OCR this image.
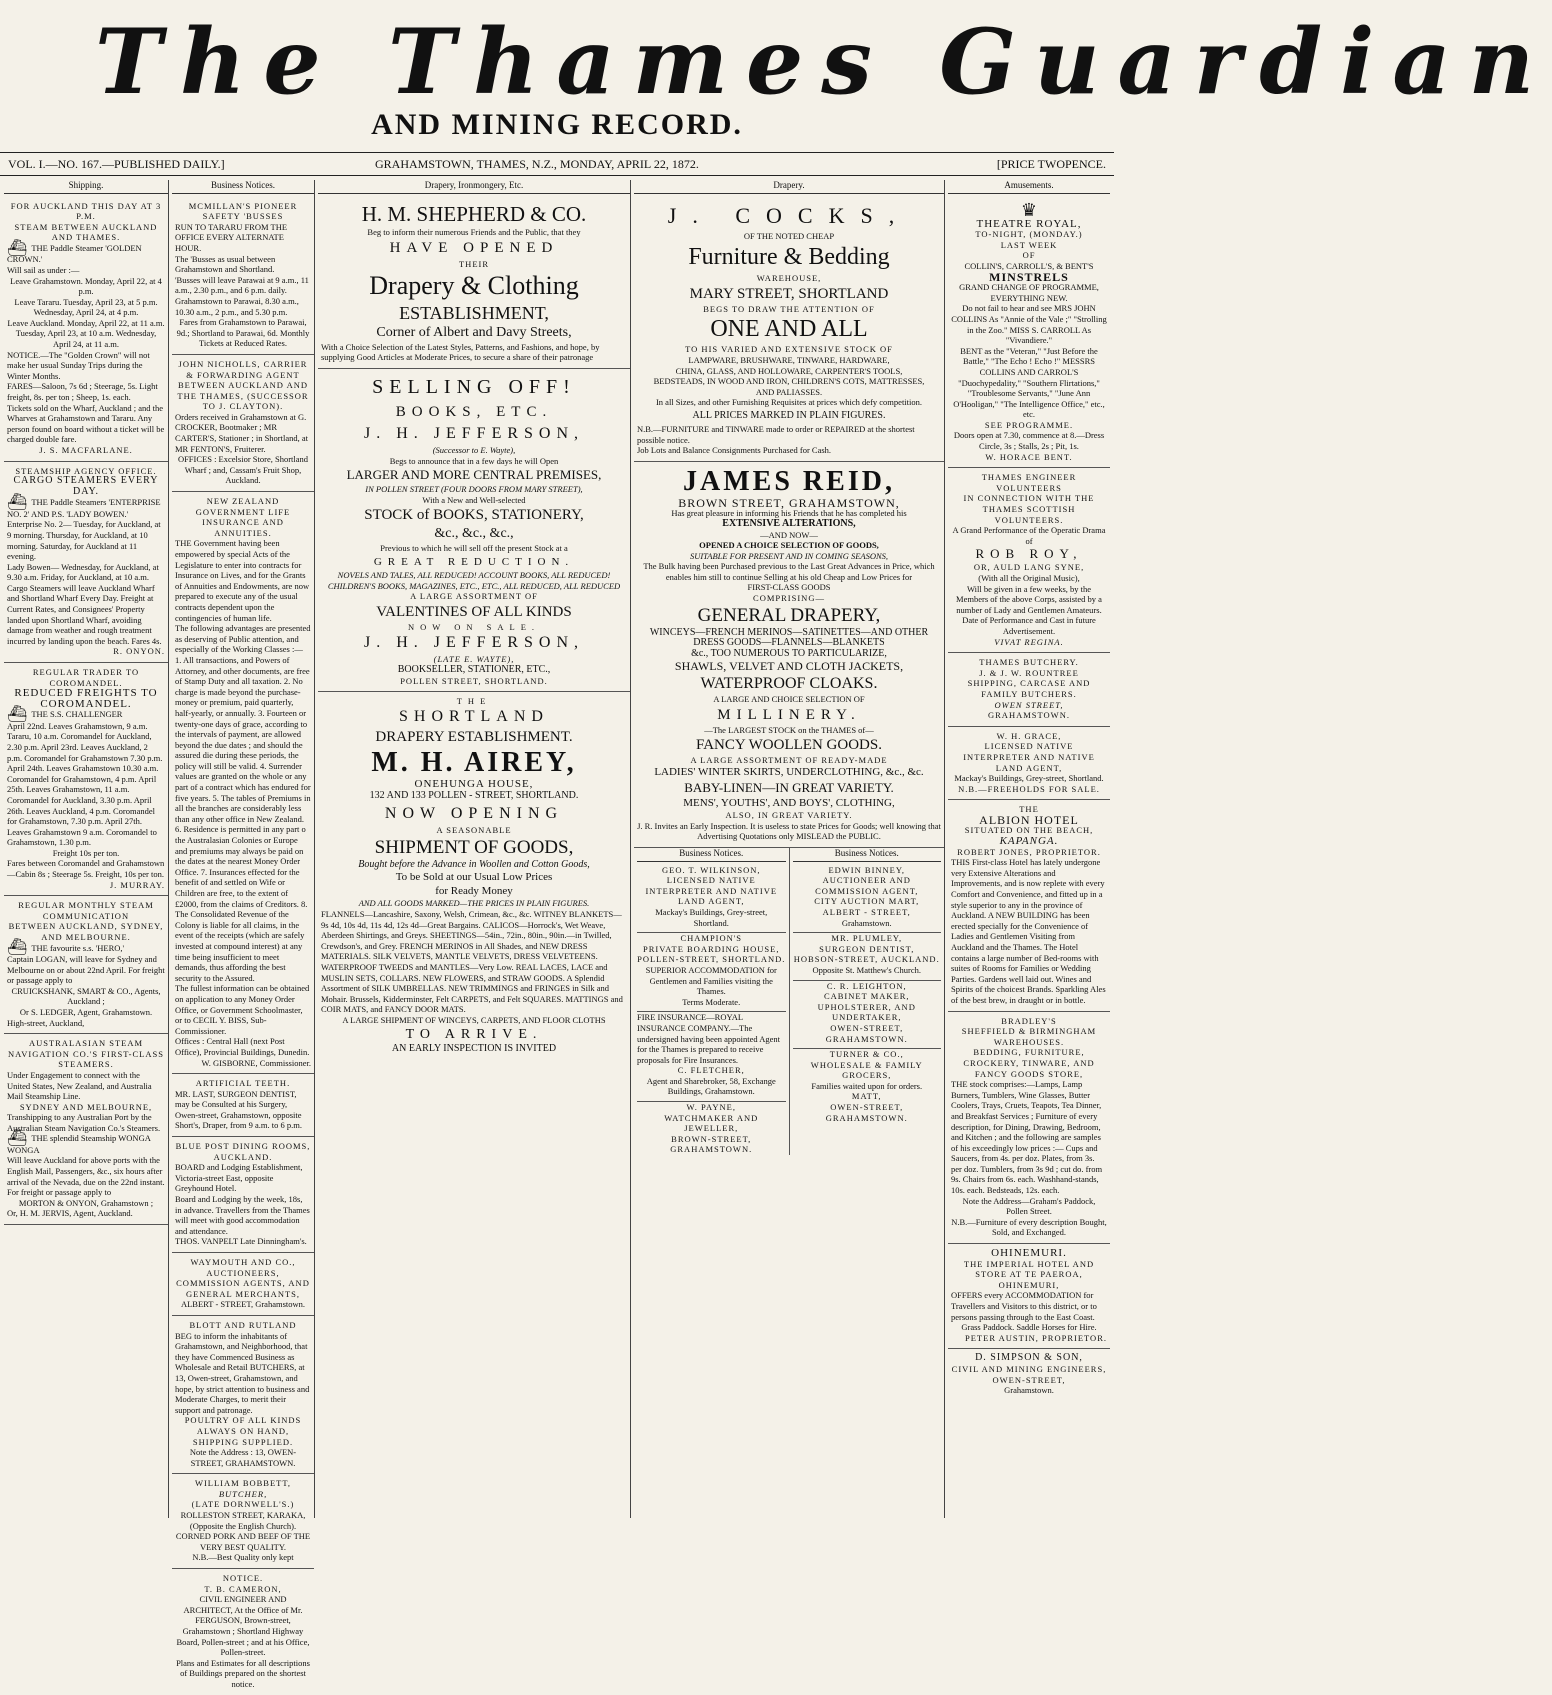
The Thames Guardian
AND MINING RECORD.
VOL. I.—NO. 167.—PUBLISHED DAILY.]	GRAHAMSTOWN, THAMES, N.Z., MONDAY, APRIL 22, 1872.	[PRICE TWOPENCE.
Shipping.
FOR AUCKLAND THIS DAY AT 3 P.M.
STEAM BETWEEN AUCKLAND AND THAMES.
⛴ THE Paddle Steamer 'GOLDEN CROWN.'
Will sail as under :—
Leave Grahamstown. Monday, April 22, at 4 p.m.
Leave Tararu. Tuesday, April 23, at 5 p.m. Wednesday, April 24, at 4 p.m.
Leave Auckland. Monday, April 22, at 11 a.m. Tuesday, April 23, at 10 a.m. Wednesday, April 24, at 11 a.m.
NOTICE.—The "Golden Crown" will not make her usual Sunday Trips during the Winter Months.
FARES—Saloon, 7s 6d ; Steerage, 5s. Light freight, 8s. per ton ; Sheep, 1s. each.
Tickets sold on the Wharf, Auckland ; and the Wharves at Grahamstown and Tararu. Any person found on board without a ticket will be charged double fare.
J. S. MACFARLANE.
STEAMSHIP AGENCY OFFICE.
CARGO STEAMERS EVERY DAY.
⛴ THE Paddle Steamers 'ENTERPRISE NO. 2' AND P.S. 'LADY BOWEN.'
Enterprise No. 2— Tuesday, for Auckland, at 9 morning. Thursday, for Auckland, at 10 morning. Saturday, for Auckland at 11 evening.
Lady Bowen— Wednesday, for Auckland, at 9.30 a.m. Friday, for Auckland, at 10 a.m.
Cargo Steamers will leave Auckland Wharf and Shortland Wharf Every Day. Freight at Current Rates, and Consignees' Property landed upon Shortland Wharf, avoiding damage from weather and rough treatment incurred by landing upon the beach. Fares 4s.
R. ONYON.
REGULAR TRADER TO COROMANDEL.
REDUCED FREIGHTS TO COROMANDEL.
⛴ THE S.S. CHALLENGER
April 22nd. Leaves Grahamstown, 9 a.m. Tararu, 10 a.m. Coromandel for Auckland, 2.30 p.m. April 23rd. Leaves Auckland, 2 p.m. Coromandel for Grahamstown 7.30 p.m. April 24th. Leaves Grahamstown 10.30 a.m. Coromandel for Grahamstown, 4 p.m. April 25th. Leaves Grahamstown, 11 a.m. Coromandel for Auckland, 3.30 p.m. April 26th. Leaves Auckland, 4 p.m. Coromandel for Grahamstown, 7.30 p.m. April 27th. Leaves Grahamstown 9 a.m. Coromandel to Grahamstown, 1.30 p.m.
Freight 10s per ton.
Fares between Coromandel and Grahamstown—Cabin 8s ; Steerage 5s. Freight, 10s per ton.
J. MURRAY.
REGULAR MONTHLY STEAM COMMUNICATION
BETWEEN AUCKLAND, SYDNEY, AND MELBOURNE.
⛴ THE favourite s.s. 'HERO,'
Captain LOGAN, will leave for Sydney and Melbourne on or about 22nd April. For freight or passage apply to
CRUICKSHANK, SMART & CO., Agents, Auckland ;
Or S. LEDGER, Agent, Grahamstown.
High-street, Auckland,
AUSTRALASIAN STEAM NAVIGATION CO.'S FIRST-CLASS STEAMERS.
Under Engagement to connect with the United States, New Zealand, and Australia Mail Steamship Line.
SYDNEY AND MELBOURNE,
Transhipping to any Australian Port by the Australian Steam Navigation Co.'s Steamers.
⛴ THE splendid Steamship WONGA WONGA
Will leave Auckland for above ports with the English Mail, Passengers, &c., six hours after arrival of the Nevada, due on the 22nd instant. For freight or passage apply to
MORTON & ONYON, Grahamstown ;
Or, H. M. JERVIS, Agent, Auckland.
Business Notices.
MCMILLAN'S PIONEER SAFETY 'BUSSES
RUN TO TARARU FROM THE OFFICE EVERY ALTERNATE HOUR.
The 'Busses as usual between Grahamstown and Shortland.
'Busses will leave Parawai at 9 a.m., 11 a.m., 2.30 p.m., and 6 p.m. daily. Grahamstown to Parawai, 8.30 a.m., 10.30 a.m., 2 p.m., and 5.30 p.m.
Fares from Grahamstown to Parawai, 9d.; Shortland to Parawai, 6d. Monthly Tickets at Reduced Rates.
JOHN NICHOLLS, CARRIER & FORWARDING AGENT BETWEEN AUCKLAND AND THE THAMES, (SUCCESSOR TO J. CLAYTON).
Orders received in Grahamstown at G. CROCKER, Bootmaker ; MR CARTER'S, Stationer ; in Shortland, at MR FENTON'S, Fruiterer.
OFFICES : Excelsior Store, Shortland Wharf ; and, Cassam's Fruit Shop, Auckland.
NEW ZEALAND GOVERNMENT LIFE INSURANCE AND ANNUITIES.
THE Government having been empowered by special Acts of the Legislature to enter into contracts for Insurance on Lives, and for the Grants of Annuities and Endowments, are now prepared to execute any of the usual contracts dependent upon the contingencies of human life.
The following advantages are presented as deserving of Public attention, and especially of the Working Classes :—
1. All transactions, and Powers of Attorney, and other documents, are free of Stamp Duty and all taxation. 2. No charge is made beyond the purchase-money or premium, paid quarterly, half-yearly, or annually. 3. Fourteen or twenty-one days of grace, according to the intervals of payment, are allowed beyond the due dates ; and should the assured die during these periods, the policy will still be valid. 4. Surrender values are granted on the whole or any part of a contract which has endured for five years. 5. The tables of Premiums in all the branches are considerably less than any other office in New Zealand. 6. Residence is permitted in any part o the Australasian Colonies or Europe and premiums may always be paid on the dates at the nearest Money Order Office. 7. Insurances effected for the benefit of and settled on Wife or Children are free, to the extent of £2000, from the claims of Creditors. 8. The Consolidated Revenue of the Colony is liable for all claims, in the event of the receipts (which are safely invested at compound interest) at any time being insufficient to meet demands, thus affording the best security to the Assured.
The fullest information can be obtained on application to any Money Order Office, or Government Schoolmaster, or to CECIL Y. BISS, Sub-Commissioner.
Offices : Central Hall (next Post Office), Provincial Buildings, Dunedin.
W. GISBORNE, Commissioner.
ARTIFICIAL TEETH.
MR. LAST, SURGEON DENTIST, may be Consulted at his Surgery, Owen-street, Grahamstown, opposite Short's, Draper, from 9 a.m. to 6 p.m.
BLUE POST DINING ROOMS, AUCKLAND.
BOARD and Lodging Establishment, Victoria-street East, opposite Greyhound Hotel.
Board and Lodging by the week, 18s, in advance. Travellers from the Thames will meet with good accommodation and attendance.
THOS. VANPELT Late Dinningham's.
WAYMOUTH AND CO., AUCTIONEERS, COMMISSION AGENTS, AND GENERAL MERCHANTS,
ALBERT - STREET, Grahamstown.
BLOTT AND RUTLAND
BEG to inform the inhabitants of Grahamstown, and Neighborhood, that they have Commenced Business as Wholesale and Retail BUTCHERS, at 13, Owen-street, Grahamstown, and hope, by strict attention to business and Moderate Charges, to merit their support and patronage.
POULTRY OF ALL KINDS ALWAYS ON HAND,
SHIPPING SUPPLIED.
Note the Address : 13, OWEN-STREET, GRAHAMSTOWN.
WILLIAM BOBBETT,
BUTCHER,
(LATE DORNWELL'S.)
ROLLESTON STREET, KARAKA, (Opposite the English Church).
CORNED PORK AND BEEF OF THE VERY BEST QUALITY.
N.B.—Best Quality only kept
NOTICE.
T. B. CAMERON,
CIVIL ENGINEER AND ARCHITECT, At the Office of Mr. FERGUSON, Brown-street, Grahamstown ; Shortland Highway Board, Pollen-street ; and at his Office, Pollen-street.
Plans and Estimates for all descriptions of Buildings prepared on the shortest notice.
Drapery, Ironmongery, Etc.
H. M. SHEPHERD & CO.
Beg to inform their numerous Friends and the Public, that they
HAVE OPENED
THEIR
Drapery & Clothing
ESTABLISHMENT,
Corner of Albert and Davy Streets,
With a Choice Selection of the Latest Styles, Patterns, and Fashions, and hope, by supplying Good Articles at Moderate Prices, to secure a share of their patronage
SELLING OFF!
BOOKS, ETC.
J. H. JEFFERSON,
(Successor to E. Wayte),
Begs to announce that in a few days he will Open
LARGER AND MORE CENTRAL PREMISES,
IN POLLEN STREET (FOUR DOORS FROM MARY STREET),
With a New and Well-selected
STOCK of BOOKS, STATIONERY,
&c., &c., &c.,
Previous to which he will sell off the present Stock at a
GREAT REDUCTION.
NOVELS AND TALES, ALL REDUCED! ACCOUNT BOOKS, ALL REDUCED! CHILDREN'S BOOKS, MAGAZINES, ETC., ETC., ALL REDUCED, ALL REDUCED
A LARGE ASSORTMENT OF
VALENTINES OF ALL KINDS
NOW ON SALE.
J. H. JEFFERSON,
(LATE E. WAYTE),
BOOKSELLER, STATIONER, ETC.,
POLLEN STREET, SHORTLAND.
THE
SHORTLAND
DRAPERY ESTABLISHMENT.
M. H. AIREY,
ONEHUNGA HOUSE,
132 AND 133 POLLEN - STREET, SHORTLAND.
NOW OPENING
A SEASONABLE
SHIPMENT OF GOODS,
Bought before the Advance in Woollen and Cotton Goods,
To be Sold at our Usual Low Prices
for Ready Money
AND ALL GOODS MARKED—THE PRICES IN PLAIN FIGURES.
FLANNELS—Lancashire, Saxony, Welsh, Crimean, &c., &c. WITNEY BLANKETS—9s 4d, 10s 4d, 11s 4d, 12s 4d—Great Bargains. CALICOS—Horrock's, Wet Weave, Aberdeen Shirtings, and Greys. SHEETINGS—54in., 72in., 80in., 90in.—in Twilled, Crewdson's, and Grey. FRENCH MERINOS in All Shades, and NEW DRESS MATERIALS. SILK VELVETS, MANTLE VELVETS, DRESS VELVETEENS. WATERPROOF TWEEDS and MANTLES—Very Low. REAL LACES, LACE and MUSLIN SETS, COLLARS. NEW FLOWERS, and STRAW GOODS. A Splendid Assortment of SILK UMBRELLAS. NEW TRIMMINGS and FRINGES in Silk and Mohair. Brussels, Kidderminster, Felt CARPETS, and Felt SQUARES. MATTINGS and COIR MATS, and FANCY DOOR MATS.
A LARGE SHIPMENT OF WINCEYS, CARPETS, AND FLOOR CLOTHS
TO ARRIVE.
AN EARLY INSPECTION IS INVITED
Drapery.
J. COCKS,
OF THE NOTED CHEAP
Furniture & Bedding
WAREHOUSE,
MARY STREET, SHORTLAND
BEGS TO DRAW THE ATTENTION OF
ONE AND ALL
TO HIS VARIED AND EXTENSIVE STOCK OF
LAMPWARE, BRUSHWARE, TINWARE, HARDWARE,
CHINA, GLASS, AND HOLLOWARE, CARPENTER'S TOOLS,
BEDSTEADS, IN WOOD AND IRON, CHILDREN'S COTS, MATTRESSES,
AND PALIASSES.
In all Sizes, and other Furnishing Requisites at prices which defy competition.
ALL PRICES MARKED IN PLAIN FIGURES.
N.B.—FURNITURE and TINWARE made to order or REPAIRED at the shortest possible notice.
Job Lots and Balance Consignments Purchased for Cash.
JAMES REID,
BROWN STREET, GRAHAMSTOWN,
Has great pleasure in informing his Friends that he has completed his
EXTENSIVE ALTERATIONS,
—AND NOW—
OPENED A CHOICE SELECTION OF GOODS,
SUITABLE FOR PRESENT AND IN COMING SEASONS,
The Bulk having been Purchased previous to the Last Great Advances in Price, which enables him still to continue Selling at his old Cheap and Low Prices for
FIRST-CLASS GOODS
COMPRISING—
GENERAL DRAPERY,
WINCEYS—FRENCH MERINOS—SATINETTES—AND OTHER DRESS GOODS—FLANNELS—BLANKETS
&c., TOO NUMEROUS TO PARTICULARIZE,
SHAWLS, VELVET AND CLOTH JACKETS,
WATERPROOF CLOAKS.
A LARGE AND CHOICE SELECTION OF
MILLINERY.
—The LARGEST STOCK on the THAMES of—
FANCY WOOLLEN GOODS.
A LARGE ASSORTMENT OF READY-MADE
LADIES' WINTER SKIRTS, UNDERCLOTHING, &c., &c.
BABY-LINEN—IN GREAT VARIETY.
MENS', YOUTHS', AND BOYS', CLOTHING,
ALSO, IN GREAT VARIETY.
J. R. Invites an Early Inspection. It is useless to state Prices for Goods; well knowing that Advertising Quotations only MISLEAD the PUBLIC.
Business Notices.
GEO. T. WILKINSON,
LICENSED NATIVE INTERPRETER AND NATIVE LAND AGENT,
Mackay's Buildings, Grey-street, Shortland.
CHAMPION'S
PRIVATE BOARDING HOUSE,
POLLEN-STREET, SHORTLAND.
SUPERIOR ACCOMMODATION for Gentlemen and Families visiting the Thames.
Terms Moderate.
FIRE INSURANCE—ROYAL INSURANCE COMPANY.—The undersigned having been appointed Agent for the Thames is prepared to receive proposals for Fire Insurances.
C. FLETCHER,
Agent and Sharebroker, 58, Exchange Buildings, Grahamstown.
W. PAYNE,
WATCHMAKER AND JEWELLER,
BROWN-STREET, GRAHAMSTOWN.
Business Notices.
EDWIN BINNEY,
AUCTIONEER AND COMMISSION AGENT,
CITY AUCTION MART,
ALBERT - STREET,
Grahamstown.
MR. PLUMLEY,
SURGEON DENTIST,
HOBSON-STREET, AUCKLAND.
Opposite St. Matthew's Church.
C. R. LEIGHTON,
CABINET MAKER, UPHOLSTERER, AND UNDERTAKER,
OWEN-STREET, GRAHAMSTOWN.
TURNER & CO.,
WHOLESALE & FAMILY GROCERS,
Families waited upon for orders.
MATT,
OWEN-STREET, GRAHAMSTOWN.
Amusements.
♛
THEATRE ROYAL,
TO-NIGHT, (MONDAY.)
LAST WEEK
OF
COLLIN'S, CARROLL'S, & BENT'S
MINSTRELS
GRAND CHANGE OF PROGRAMME, EVERYTHING NEW.
Do not fail to hear and see MRS JOHN COLLINS As "Annie of the Vale ;" "Strolling in the Zoo." MISS S. CARROLL As "Vivandiere."
BENT as the "Veteran," "Just Before the Battle," "The Echo ! Echo !" MESSRS COLLINS AND CARROL'S "Duochypedality," "Southern Flirtations," "Troublesome Servants," "June Ann O'Hooligan," "The Intelligence Office," etc., etc.
SEE PROGRAMME.
Doors open at 7.30, commence at 8.—Dress Circle, 3s ; Stalls, 2s ; Pit, 1s.
W. HORACE BENT.
THAMES ENGINEER VOLUNTEERS
IN CONNECTION WITH THE THAMES SCOTTISH VOLUNTEERS.
A Grand Performance of the Operatic Drama of
ROB ROY,
OR, AULD LANG SYNE,
(With all the Original Music),
Will be given in a few weeks, by the Members of the above Corps, assisted by a number of Lady and Gentlemen Amateurs. Date of Performance and Cast in future Advertisement.
VIVAT REGINA.
THAMES BUTCHERY.
J. & J. W. ROUNTREE
SHIPPING, CARCASE AND FAMILY BUTCHERS.
OWEN STREET,
GRAHAMSTOWN.
W. H. GRACE,
LICENSED NATIVE INTERPRETER AND NATIVE LAND AGENT,
Mackay's Buildings, Grey-street, Shortland.
N.B.—FREEHOLDS FOR SALE.
THE
ALBION HOTEL
SITUATED ON THE BEACH,
KAPANGA.
ROBERT JONES, PROPRIETOR.
THIS First-class Hotel has lately undergone very Extensive Alterations and Improvements, and is now replete with every Comfort and Convenience, and fitted up in a style superior to any in the province of Auckland. A NEW BUILDING has been erected specially for the Convenience of Ladies and Gentlemen Visiting from Auckland and the Thames. The Hotel contains a large number of Bed-rooms with suites of Rooms for Families or Wedding Parties. Gardens well laid out. Wines and Spirits of the choicest Brands. Sparkling Ales of the best brew, in draught or in bottle.
BRADLEY'S
SHEFFIELD & BIRMINGHAM WAREHOUSES.
BEDDING, FURNITURE, CROCKERY, TINWARE, AND FANCY GOODS STORE,
THE stock comprises:—Lamps, Lamp Burners, Tumblers, Wine Glasses, Butter Coolers, Trays, Cruets, Teapots, Tea Dinner, and Breakfast Services ; Furniture of every description, for Dining, Drawing, Bedroom, and Kitchen ; and the following are samples of his exceedingly low prices :— Cups and Saucers, from 4s. per doz. Plates, from 3s. per doz. Tumblers, from 3s 9d ; cut do. from 9s. Chairs from 6s. each. Washhand-stands, 10s. each. Bedsteads, 12s. each.
Note the Address—Graham's Paddock, Pollen Street.
N.B.—Furniture of every description Bought, Sold, and Exchanged.
OHINEMURI.
THE IMPERIAL HOTEL AND STORE AT TE PAEROA, OHINEMURI,
OFFERS every ACCOMMODATION for Travellers and Visitors to this district, or to persons passing through to the East Coast.
Grass Paddock. Saddle Horses for Hire.
PETER AUSTIN, PROPRIETOR.
D. SIMPSON & SON,
CIVIL AND MINING ENGINEERS,
OWEN-STREET,
Grahamstown.
